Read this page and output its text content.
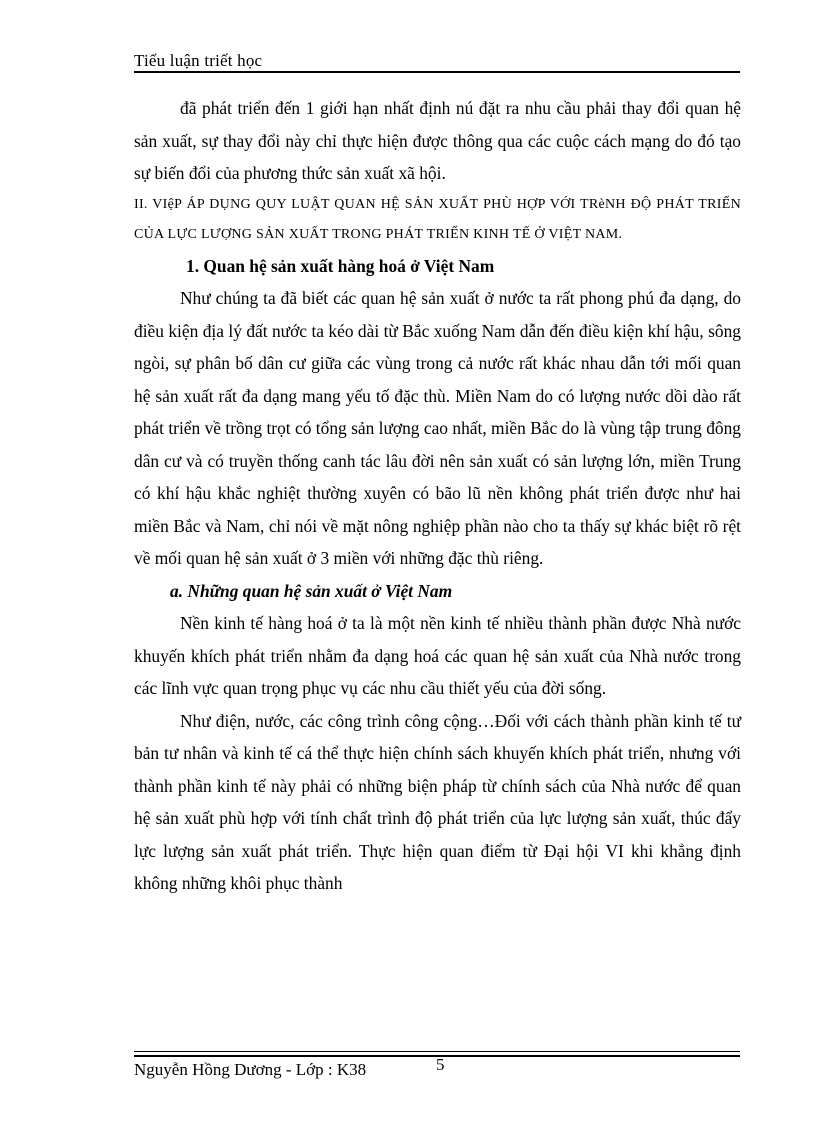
Tiểu luận triết học

đã phát triển đến 1 giới hạn nhất định nú đặt ra nhu cầu phải thay đổi quan hệ sản xuất, sự thay đổi này chỉ thực hiện được thông qua các cuộc cách mạng do đó tạo sự biến đổi của phương thức sản xuất xã hội.

II. VIệP ÁP DỤNG QUY LUẬT QUAN HỆ SẢN XUẤT PHÙ HỢP VỚI TRèNH ĐỘ PHÁT TRIỂN CỦA LỰC LƯỢNG SẢN XUẤT TRONG PHÁT TRIỂN KINH TẾ Ở VIỆT NAM.

1. Quan hệ sản xuất hàng hoá ở Việt Nam

Như chúng ta đã biết các quan hệ sản xuất ở nước ta rất phong phú đa dạng, do điều kiện địa lý đất nước ta kéo dài từ Bắc xuống Nam dẫn đến điều kiện khí hậu, sông ngòi, sự phân bố dân cư giữa các vùng trong cả nước rất khác nhau dẫn tới mối quan hệ sản xuất rất đa dạng mang yếu tố đặc thù. Miền Nam do có lượng nước dồi dào rất phát triển về trồng trọt có tổng sản lượng cao nhất, miền Bắc do là vùng tập trung đông dân cư và có truyền thống canh tác lâu đời nên sản xuất có sản lượng lớn, miền Trung có khí hậu khắc nghiệt thường xuyên có bão lũ nền không phát triển được như hai miền Bắc và Nam, chỉ nói về mặt nông nghiệp phần nào cho ta thấy sự khác biệt rõ rệt về mối quan hệ sản xuất ở 3 miền với những đặc thù riêng.

a. Những quan hệ sản xuất ở Việt Nam

Nền kinh tế hàng hoá ở ta là một nền kinh tế nhiều thành phần được Nhà nước khuyến khích phát triển nhằm đa dạng hoá các quan hệ sản xuất của Nhà nước trong các lĩnh vực quan trọng phục vụ các nhu cầu thiết yếu của đời sống.

Như điện, nước, các công trình công cộng…Đối với cách thành phần kinh tế tư bản tư nhân và kinh tế cá thể thực hiện chính sách khuyến khích phát triển, nhưng với thành phần kinh tế này phải có những biện pháp từ chính sách của Nhà nước để quan hệ sản xuất phù hợp với tính chất trình độ phát triển của lực lượng sản xuất, thúc đẩy lực lượng sản xuất phát triển. Thực hiện quan điểm từ Đại hội VI khi khẳng định không những khôi phục thành

Nguyễn Hồng Dương - Lớp : K38	5
